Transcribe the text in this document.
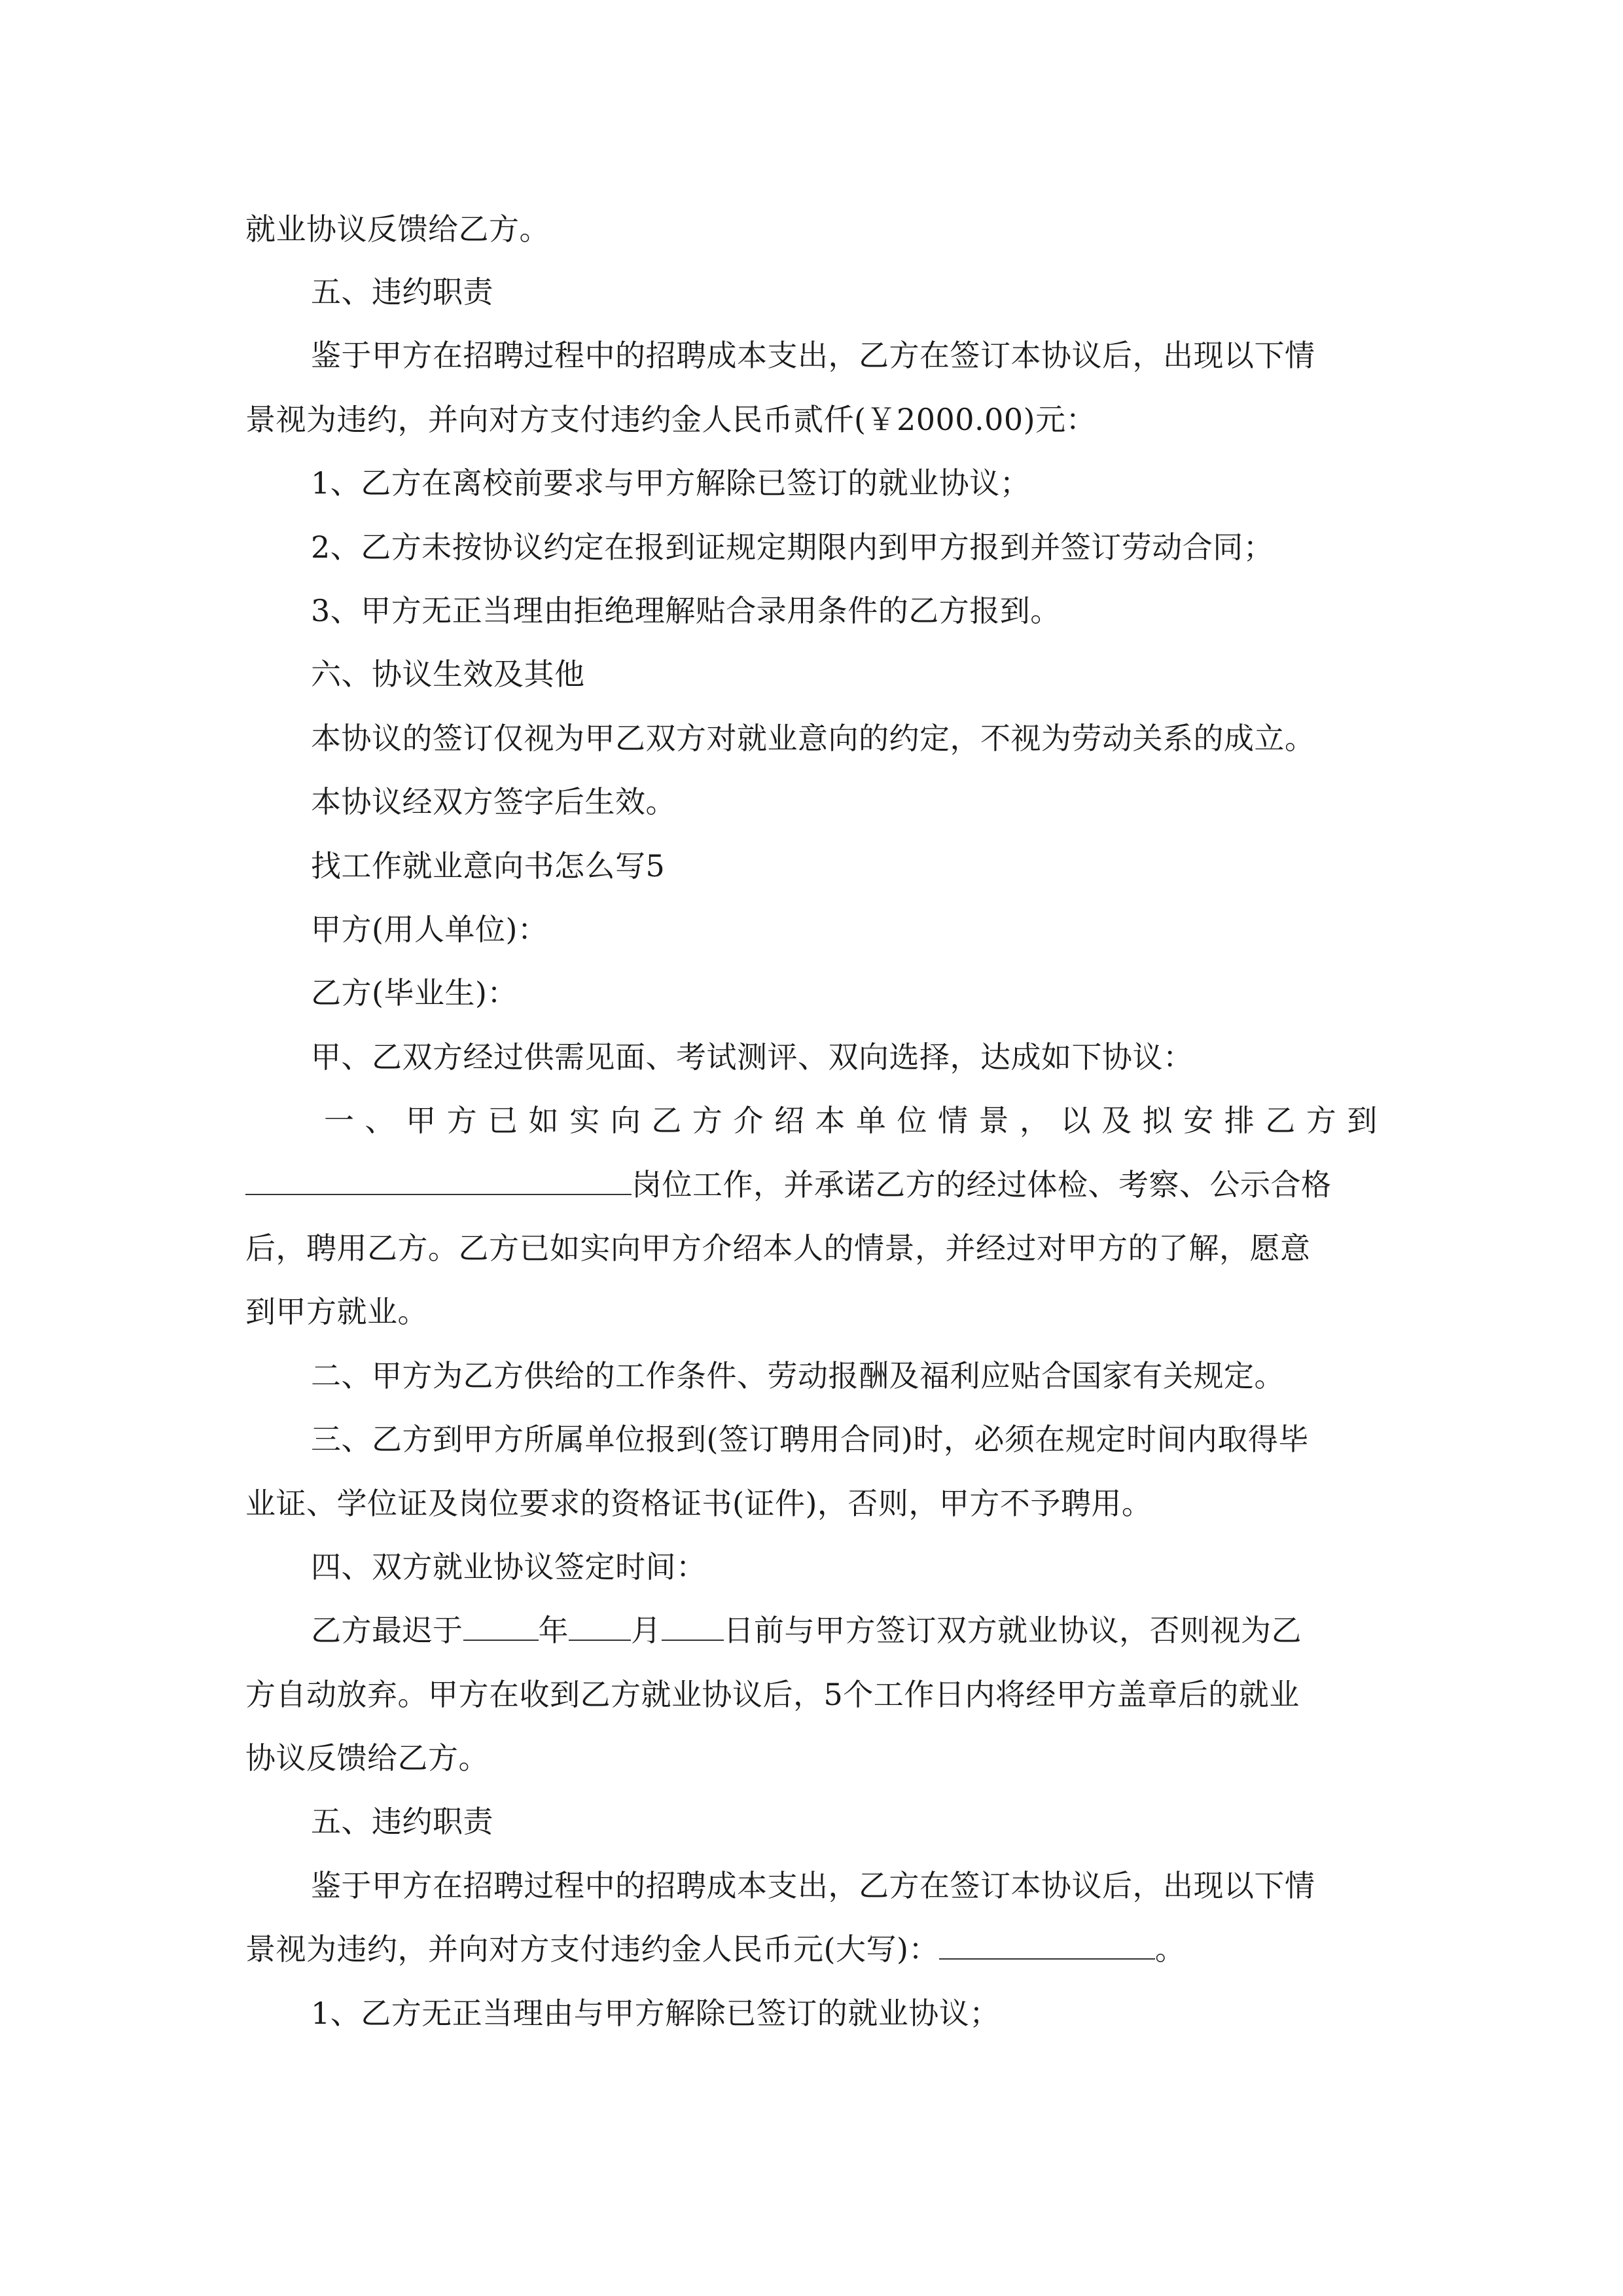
就业协议反馈给乙方。
五、违约职责
鉴于甲方在招聘过程中的招聘成本支出，乙方在签订本协议后，出现以下情
景视为违约，并向对方支付违约金人民币贰仟(￥2000.00)元：
1、乙方在离校前要求与甲方解除已签订的就业协议；
2、乙方未按协议约定在报到证规定期限内到甲方报到并签订劳动合同；
3、甲方无正当理由拒绝理解贴合录用条件的乙方报到。
六、协议生效及其他
本协议的签订仅视为甲乙双方对就业意向的约定，不视为劳动关系的成立。
本协议经双方签字后生效。
找工作就业意向书怎么写5
甲方(用人单位)：
乙方(毕业生)：
甲、乙双方经过供需见面、考试测评、双向选择，达成如下协议：
一 、 甲 方 已 如 实 向 乙 方 介 绍 本 单 位 情 景 ， 以 及 拟 安 排 乙 方 到
岗位工作，并承诺乙方的经过体检、考察、公示合格
后，聘用乙方。乙方已如实向甲方介绍本人的情景，并经过对甲方的了解，愿意
到甲方就业。
二、甲方为乙方供给的工作条件、劳动报酬及福利应贴合国家有关规定。
三、乙方到甲方所属单位报到(签订聘用合同)时，必须在规定时间内取得毕
业证、学位证及岗位要求的资格证书(证件)，否则，甲方不予聘用。
四、双方就业协议签定时间：
乙方最迟于	年 月 日前与甲方签订双方就业协议，否则视为乙
方自动放弃。甲方在收到乙方就业协议后，5个工作日内将经甲方盖章后的就业
协议反馈给乙方。
五、违约职责
鉴于甲方在招聘过程中的招聘成本支出，乙方在签订本协议后，出现以下情
景视为违约，并向对方支付违约金人民币元(大写)：	。
1、乙方无正当理由与甲方解除已签订的就业协议；
